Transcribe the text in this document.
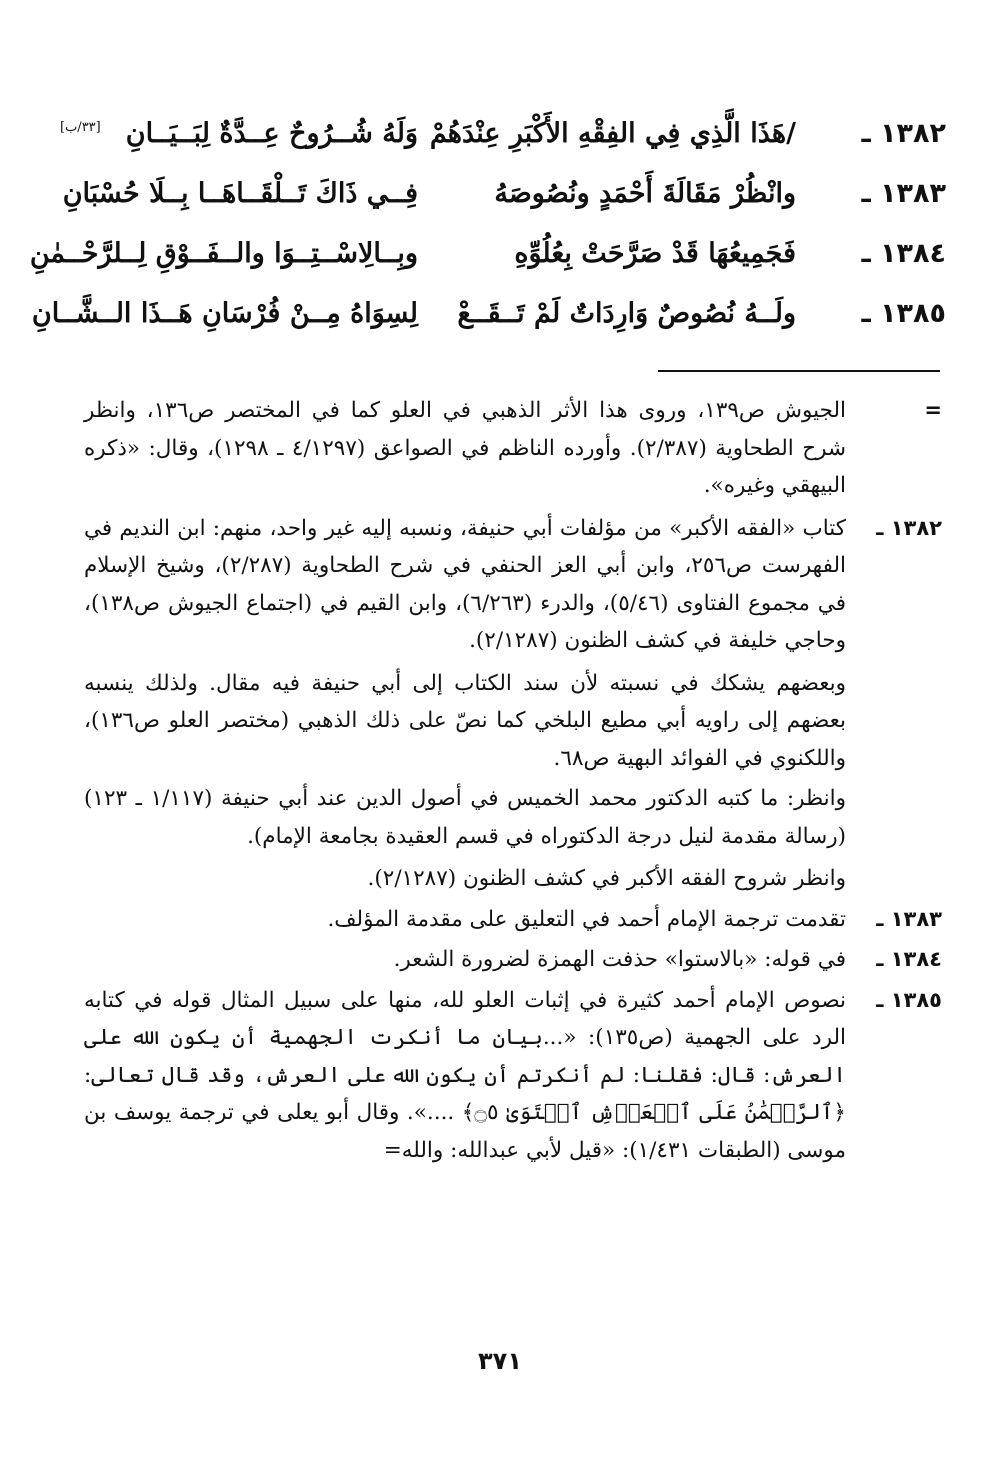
١٣٨٢ ـ
/هَذَا الَّذِي فِي الفِقْهِ الأَكْبَرِ عِنْدَهُمْ
وَلَهُ شُــرُوحٌ عِــدَّةٌ لِبَــيَــانِ
[٣٣/ب]
١٣٨٣ ـ
وانْظُرْ مَقَالَةَ أَحْمَدٍ ونُصُوصَهُ
فِــي ذَاكَ تَــلْقَــاهَــا بِــلَا حُسْبَانِ
١٣٨٤ ـ
فَجَمِيعُهَا قَدْ صَرَّحَتْ بِعُلُوِّهِ
وبِــالِاسْــتِــوَا والــفَــوْقِ لِــلرَّحْــمٰنِ
١٣٨٥ ـ
ولَــهُ نُصُوصٌ وَارِدَاتٌ لَمْ تَــقَــعْ
لِسِوَاهُ مِــنْ فُرْسَانِ هَــذَا الــشَّــانِ

=
الجيوش ص١٣٩، وروى هذا الأثر الذهبي في العلو كما في المختصر ص١٣٦، وانظر شرح الطحاوية (٢/٣٨٧). وأورده الناظم في الصواعق (٤/١٢٩٧ ـ ١٢٩٨)، وقال: «ذكره البيهقي وغيره».

١٣٨٢ ـ
كتاب «الفقه الأكبر» من مؤلفات أبي حنيفة، ونسبه إليه غير واحد، منهم: ابن النديم في الفهرست ص٢٥٦، وابن أبي العز الحنفي في شرح الطحاوية (٢/٢٨٧)، وشيخ الإسلام في مجموع الفتاوى (٥/٤٦)، والدرء (٦/٢٦٣)، وابن القيم في (اجتماع الجيوش ص١٣٨)، وحاجي خليفة في كشف الظنون (٢/١٢٨٧).

وبعضهم يشكك في نسبته لأن سند الكتاب إلى أبي حنيفة فيه مقال. ولذلك ينسبه بعضهم إلى راويه أبي مطيع البلخي كما نصّ على ذلك الذهبي (مختصر العلو ص١٣٦)، واللكنوي في الفوائد البهية ص٦٨.

وانظر: ما كتبه الدكتور محمد الخميس في أصول الدين عند أبي حنيفة (١/١١٧ ـ ١٢٣) (رسالة مقدمة لنيل درجة الدكتوراه في قسم العقيدة بجامعة الإمام).

وانظر شروح الفقه الأكبر في كشف الظنون (٢/١٢٨٧).

١٣٨٣ ـ
تقدمت ترجمة الإمام أحمد في التعليق على مقدمة المؤلف.

١٣٨٤ ـ
في قوله: «بالاستوا» حذفت الهمزة لضرورة الشعر.

١٣٨٥ ـ
نصوص الإمام أحمد كثيرة في إثبات العلو لله، منها على سبيل المثال قوله في كتابه الرد على الجهمية (ص١٣٥): «...بيان ما أنكرت الجهمية أن يكون الله على العرش: قال: فقلنا: لم أنكرتم أن يكون الله على العرش، وقد قال تعالى: ﴿ٱلرَّحۡمَٰنُ عَلَى ٱلۡعَرۡشِ ٱسۡتَوَىٰ ۝٥﴾ ....». وقال أبو يعلى في ترجمة يوسف بن موسى (الطبقات ١/٤٣١): «قيل لأبي عبدالله: والله=

٣٧١
